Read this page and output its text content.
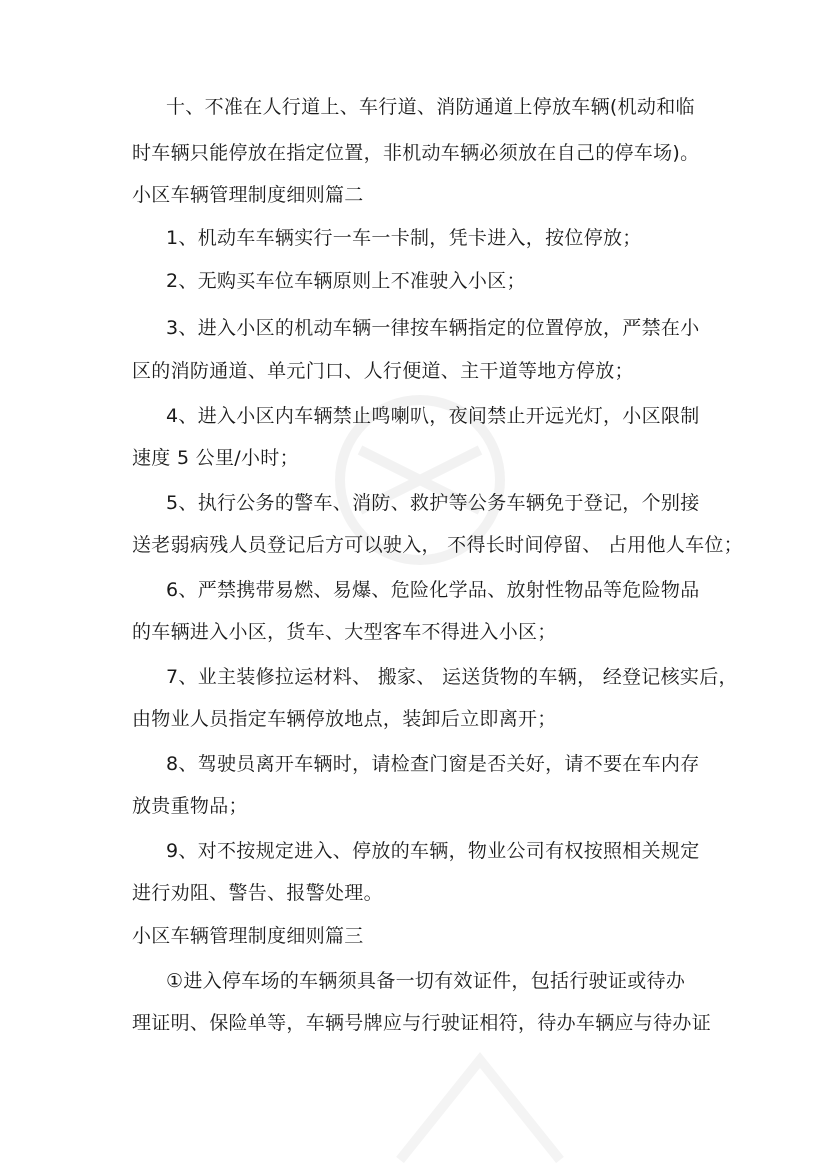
十、不准在人行道上、车行道、消防通道上停放车辆(机动和临
时车辆只能停放在指定位置，非机动车辆必须放在自己的停车场)。
小区车辆管理制度细则篇二
1、机动车车辆实行一车一卡制，凭卡进入，按位停放；
2、无购买车位车辆原则上不准驶入小区；
3、进入小区的机动车辆一律按车辆指定的位置停放，严禁在小
区的消防通道、单元门口、人行便道、主干道等地方停放；
4、进入小区内车辆禁止鸣喇叭，夜间禁止开远光灯，小区限制
速度 5 公里/小时；
5、执行公务的警车、消防、救护等公务车辆免于登记，个别接
送老弱病残人员登记后方可以驶入， 不得长时间停留、 占用他人车位；
6、严禁携带易燃、易爆、危险化学品、放射性物品等危险物品
的车辆进入小区，货车、大型客车不得进入小区；
7、业主装修拉运材料、 搬家、 运送货物的车辆， 经登记核实后，
由物业人员指定车辆停放地点，装卸后立即离开；
8、驾驶员离开车辆时，请检查门窗是否关好，请不要在车内存
放贵重物品；
9、对不按规定进入、停放的车辆，物业公司有权按照相关规定
进行劝阻、警告、报警处理。
小区车辆管理制度细则篇三
①进入停车场的车辆须具备一切有效证件，包括行驶证或待办
理证明、保险单等，车辆号牌应与行驶证相符，待办车辆应与待办证
